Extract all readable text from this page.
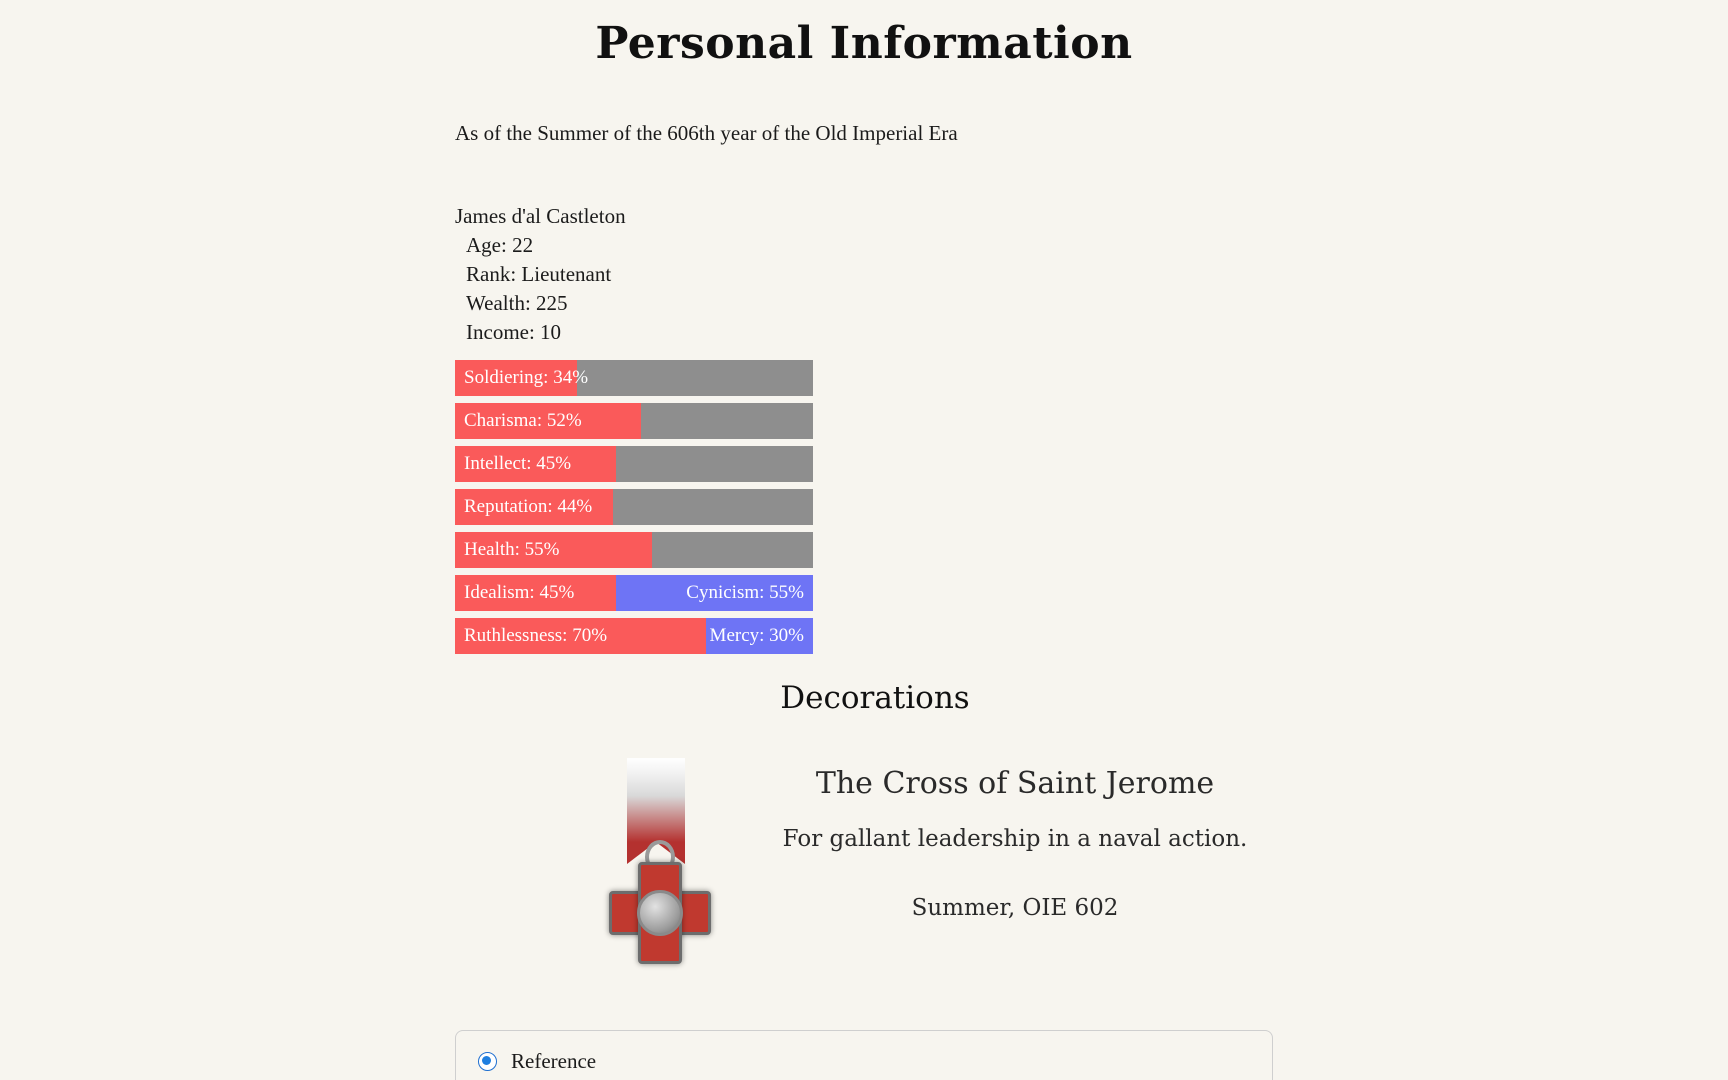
Personal Information
As of the Summer of the 606th year of the Old Imperial Era
James d'al Castleton
Age: 22
Rank: Lieutenant
Wealth: 225
Income: 10
Soldiering: 34%
Charisma: 52%
Intellect: 45%
Reputation: 44%
Health: 55%
Idealism: 45%	Cynicism: 55%
Ruthlessness: 70%	Mercy: 30%
Decorations
The Cross of Saint Jerome
For gallant leadership in a naval action.
Summer, OIE 602
Reference
